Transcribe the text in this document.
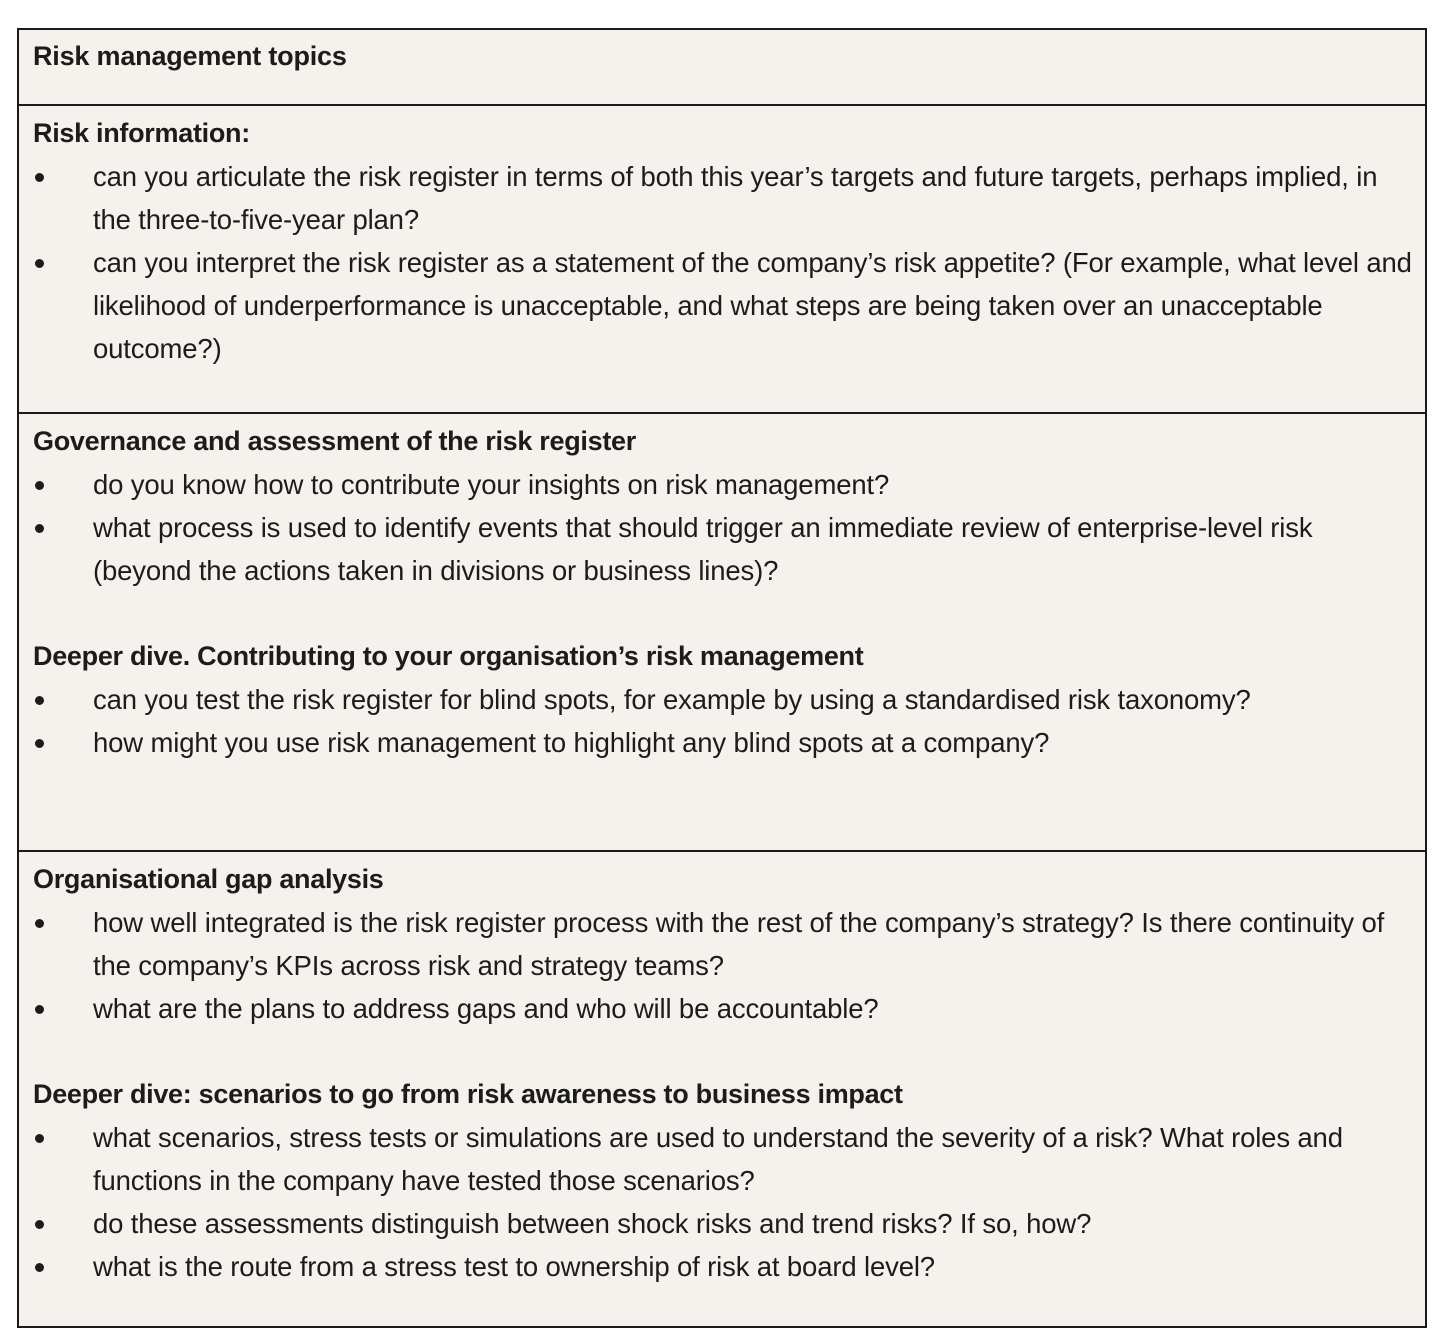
Risk management topics
Risk information:
can you articulate the risk register in terms of both this year’s targets and future targets, perhaps implied, in the three-to-five-year plan?
can you interpret the risk register as a statement of the company’s risk appetite? (For example, what level and likelihood of underperformance is unacceptable, and what steps are being taken over an unacceptable outcome?)
Governance and assessment of the risk register
do you know how to contribute your insights on risk management?
what process is used to identify events that should trigger an immediate review of enterprise-level risk (beyond the actions taken in divisions or business lines)?
Deeper dive. Contributing to your organisation’s risk management
can you test the risk register for blind spots, for example by using a standardised risk taxonomy?
how might you use risk management to highlight any blind spots at a company?
Organisational gap analysis
how well integrated is the risk register process with the rest of the company’s strategy? Is there continuity of the company’s KPIs across risk and strategy teams?
what are the plans to address gaps and who will be accountable?
Deeper dive: scenarios to go from risk awareness to business impact
what scenarios, stress tests or simulations are used to understand the severity of a risk? What roles and functions in the company have tested those scenarios?
do these assessments distinguish between shock risks and trend risks? If so, how?
what is the route from a stress test to ownership of risk at board level?
